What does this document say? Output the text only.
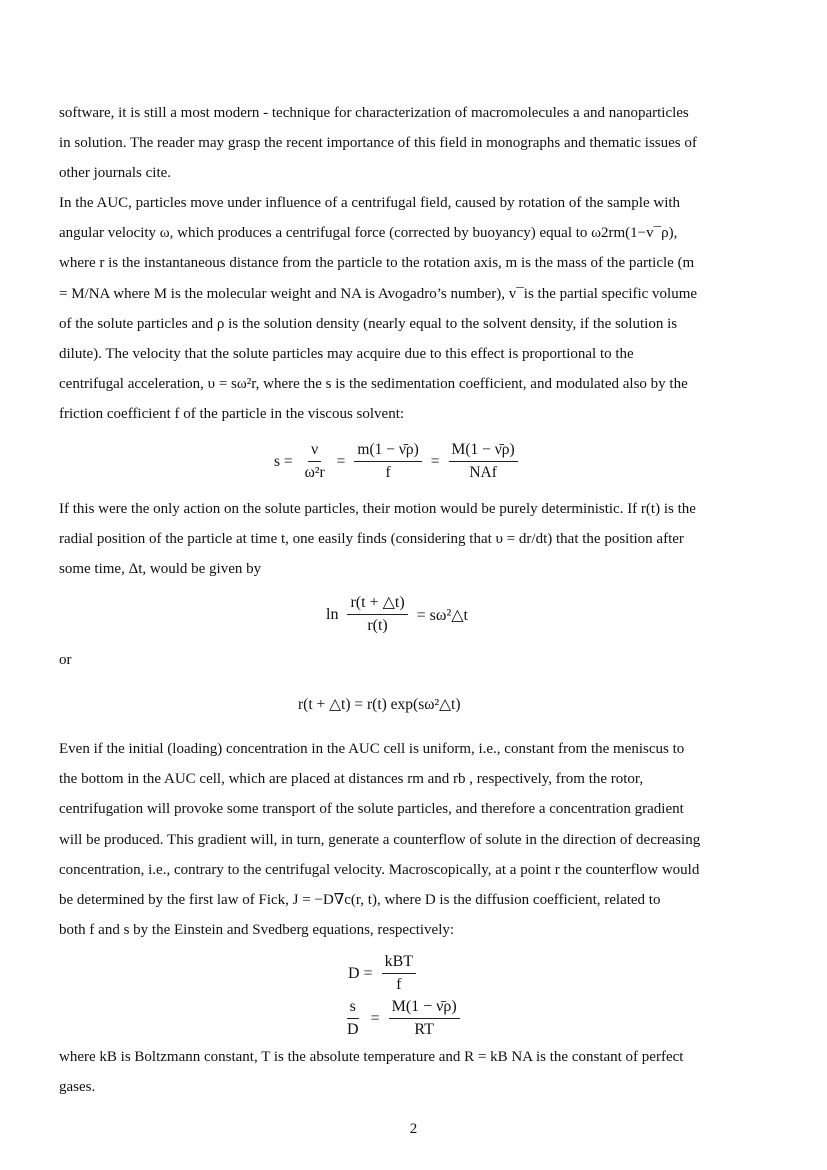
software, it is still a most modern - technique for characterization of macromolecules a and nanoparticles
in solution. The reader may grasp the recent importance of this field in monographs and thematic issues of
other journals cite.

In the AUC, particles move under influence of a centrifugal field, caused by rotation of the sample with
angular velocity ω, which produces a centrifugal force (corrected by buoyancy) equal to ω2rm(1−v¯ρ),
where r is the instantaneous distance from the particle to the rotation axis, m is the mass of the particle (m
= M/NA where M is the molecular weight and NA is Avogadro’s number), v¯is the partial specific volume
of the solute particles and ρ is the solution density (nearly equal to the solvent density, if the solution is
dilute). The velocity that the solute particles may acquire due to this effect is proportional to the
centrifugal acceleration, υ = sω²r, where the s is the sedimentation coefficient, and modulated also by the
friction coefficient f of the particle in the viscous solvent:

$s = \frac{\nu}{\text{ω²r}} = \frac{m(1 - \nū\rho)}{f} = \frac{M(1 - \nū\rho)}{\text{NAf}}$

If this were the only action on the solute particles, their motion would be purely deterministic. If r(t) is the
radial position of the particle at time t, one easily finds (considering that υ = dr/dt) that the position after
some time, Δt, would be given by

$\ln \frac{r(t + \triangle t)}{r(t)}$ = sω²△t

or

r(t + △t) = r(t) exp(sω²△t)

Even if the initial (loading) concentration in the AUC cell is uniform, i.e., constant from the meniscus to
the bottom in the AUC cell, which are placed at distances rm and rb , respectively, from the rotor,
centrifugation will provoke some transport of the solute particles, and therefore a concentration gradient
will be produced. This gradient will, in turn, generate a counterflow of solute in the direction of decreasing
concentration, i.e., contrary to the centrifugal velocity. Macroscopically, at a point r the counterflow would
be determined by the first law of Fick, J = −D∇c(r, t), where D is the diffusion coefficient, related to
both f and s by the Einstein and Svedberg equations, respectively:

$D = \frac{\text{kBT}}{f}$
$\frac{s}{D} = \frac{M(1 - \nū\rho)}{RT}$

where kB is Boltzmann constant, T is the absolute temperature and R = kB NA is the constant of perfect
gases.

2
